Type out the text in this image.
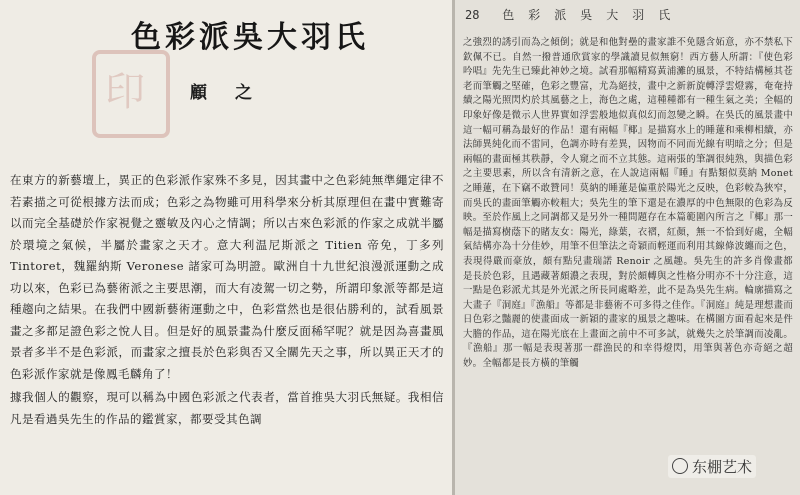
印
色彩派吳大羽氏
顧之

在東方的新藝壇上，異正的色彩派作家殊不多見，因其畫中之色彩純無準繩定律不若素描之可從根據方法而成；色彩之為物雖可用科學來分析其原理但在畫中實難寄以而完全基礎於作家視覺之靈敏及內心之情調；所以古來色彩派的作家之成就半屬於環境之氣候，半屬於畫家之天才。意大利温尼斯派之 Titien 帝免，丁多列 Tintoret，魏羅納斯 Veronese 諸家可為明證。歐洲自十九世紀浪漫派運動之成功以來，色彩已為藝術派之主要思潮，而大有凌駕一切之勢，所謂印象派等都是這種趨向之結果。在我們中國新藝術運動之中，色彩當然也是很佔勝利的，試看風景畫之多都足證色彩之悅人目。但是好的風景畫為什麼反面稀罕呢？就是因為喜畫風景者多半不是色彩派，而畫家之擅長於色彩與否又全關先天之事，所以異正天才的色彩派作家就是像鳳毛麟角了！

據我個人的觀察，現可以稱為中國色彩派之代表者，當首推吳大羽氏無疑。我相信凡是看過吳先生的作品的鑑賞家，都要受其色調

28 色彩派吳大羽氏

之強烈的誘引而為之傾倒；就是和他對壘的畫家誰不免隱含妬意，亦不禁私下欽佩不已。自然一撥普通欣賞家的學識讀見似無窮！西方藝人所謂：『使色彩吟唱』先先生已臻此神妙之境。試看那幅精寫黃浦灘的風景，不特結構極其苍老而筆觸之堅確，色彩之豐富，尤為絕技，畫中之新新旋轉浮雲燈霧，奄奄持續之陽光照閃灼於其風藝之上，海色之處，這種種都有一種生氣之美；全幅的印象好像是微示人世界實如浮雲般地似真似幻而忽變之瞬。在吳氏的風景畫中這一幅可稱為最好的作品！還有兩幅『椰』是描寫水上的睡蓮和乘柳相續，亦法師異純化而不雷同，色調亦時有差異，因物而不同而光線有明暗之分；但是兩幅的畫面極其秩靜，令人窺之而不立其態。這兩張的筆調很純熟，與描色彩之主要思素，所以含有清新之意，在人說這兩幅『睡』有點類似莫納 Monet 之睡蓮，在下竊不敢贊同！莫納的睡蓮是偏重於陽光之反映，色彩較為狹窄，而吳氏的畫面筆觸亦較粗大；吳先生的筆下還是在濃厚的中色無限的色彩為反映。至於作風上之同調都又是另外一種問題存在本篇範圍內所言之『椰』那一幅是描寫樹蔭下的賭友女：陽光，綠葉，衣褶，紅顏，無一不恰到好處，全幅氣結構亦為十分佳妙，用筆不但筆法之奇穎而輕運而利用其線條波纏而之色，表現得嚴而豪放，頗有點兒畫瑞諾 Renoir 之風趣。吳先生的許多肖像畫都是長於色彩，且遇藏著頗濃之表現，對於頗轉與之性格分明亦不十分注意，這一點是色彩派尤其是外光派之所長同處略差，此不是為吳先生病。輪廓描寫之大畫子『洞庭』『漁船』等都是非藝術不可多得之佳作。『洞庭』純是理想畫而日色彩之豔麗的使畫面成一新穎的畫家的風景之趣味。在構圖方面看起來是件大膽的作品，這在陽光底在上畫面之前中不可多試，就幾失之於筆調而凌亂。『漁船』那一幅是表現著那一群漁民的和幸得燈閃，用筆與著色亦奇絕之超妙。全幅都是長方橫的筆觸

东棚艺术
